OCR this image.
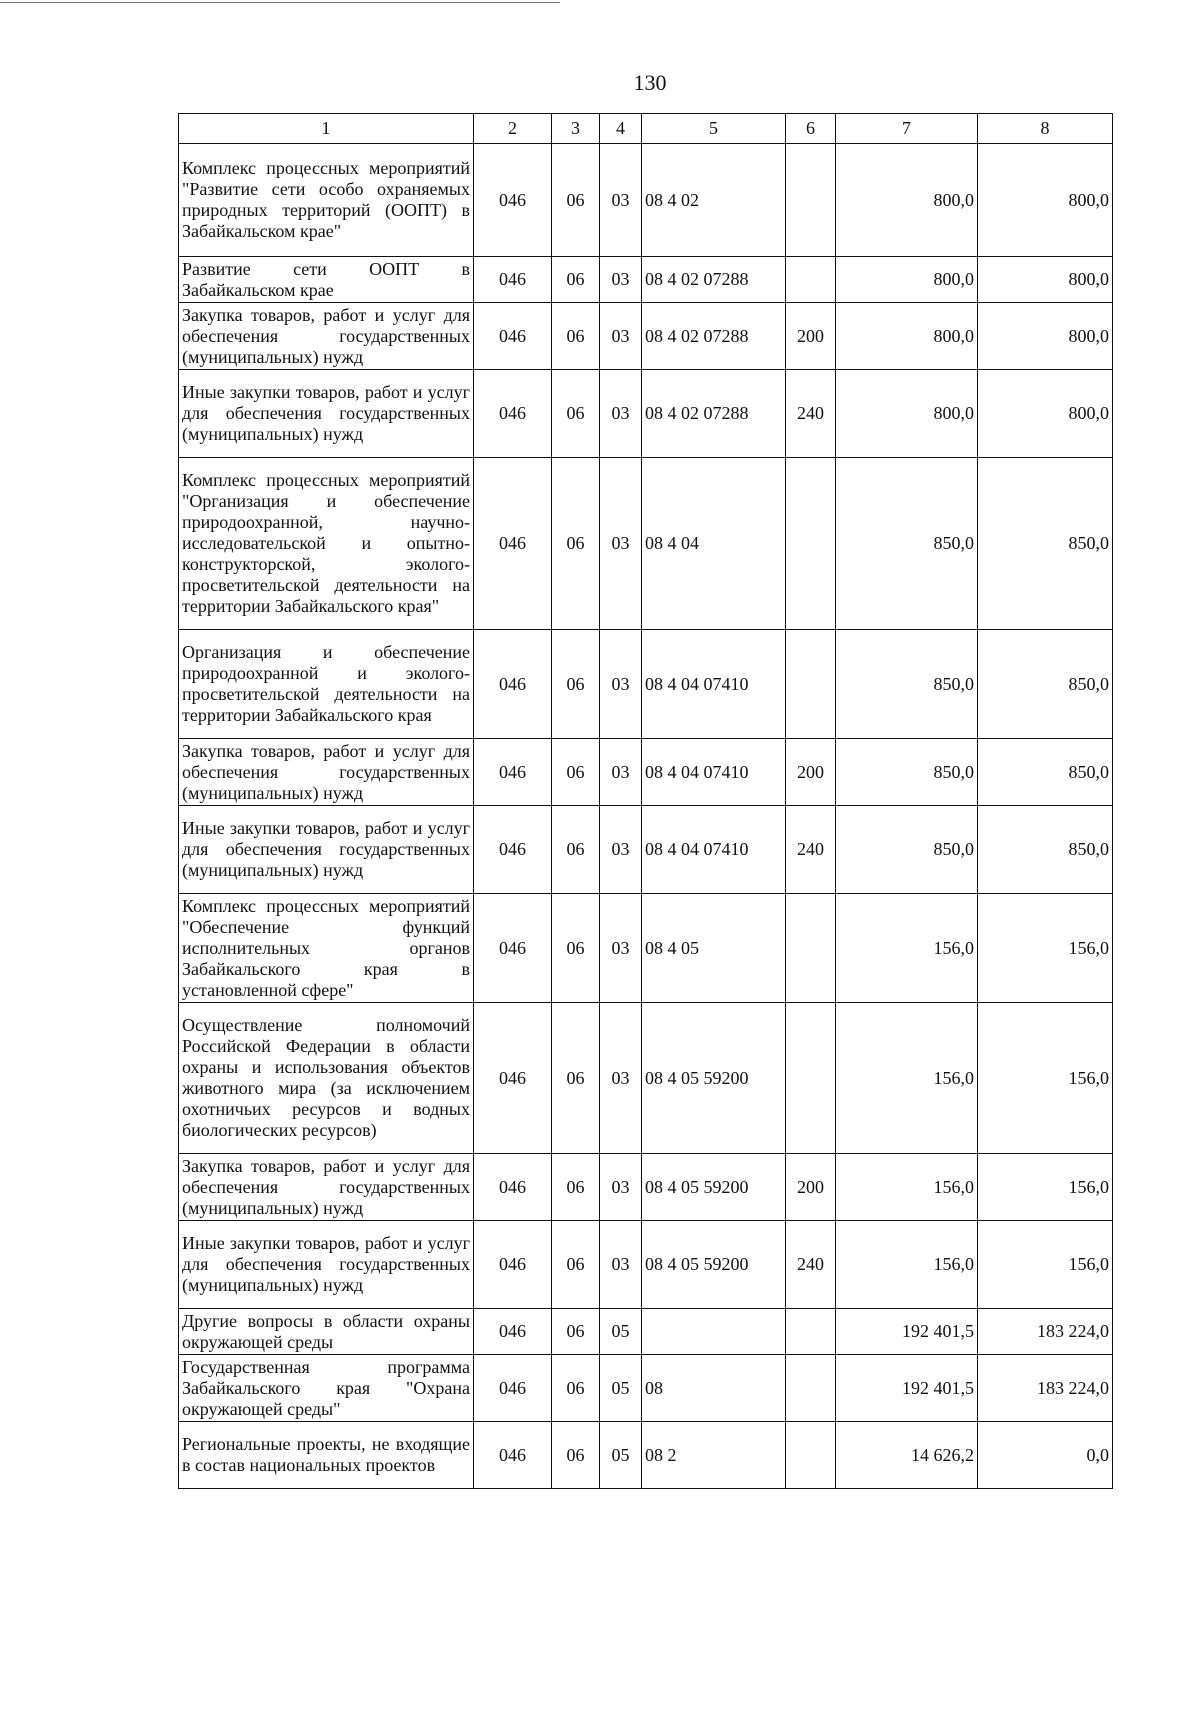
130
1	2	3	4	5	6	7	8
Комплекс процессных мероприятий "Развитие сети особо охраняемых природных территорий (ООПТ) в Забайкальском крае"	046	06	03	08 4 02		800,0	800,0
Развитие сети ООПТ в Забайкальском крае	046	06	03	08 4 02 07288		800,0	800,0
Закупка товаров, работ и услуг для обеспечения государственных (муниципальных) нужд	046	06	03	08 4 02 07288	200	800,0	800,0
Иные закупки товаров, работ и услуг для обеспечения государственных (муниципальных) нужд	046	06	03	08 4 02 07288	240	800,0	800,0
Комплекс процессных мероприятий "Организация и обеспечение природоохранной, научно-исследовательской и опытно-конструкторской, эколого-просветительской деятельности на территории Забайкальского края"	046	06	03	08 4 04		850,0	850,0
Организация и обеспечение природоохранной и эколого-просветительской деятельности на территории Забайкальского края	046	06	03	08 4 04 07410		850,0	850,0
Закупка товаров, работ и услуг для обеспечения государственных (муниципальных) нужд	046	06	03	08 4 04 07410	200	850,0	850,0
Иные закупки товаров, работ и услуг для обеспечения государственных (муниципальных) нужд	046	06	03	08 4 04 07410	240	850,0	850,0
Комплекс процессных мероприятий "Обеспечение функций исполнительных органов Забайкальского края в установленной сфере"	046	06	03	08 4 05		156,0	156,0
Осуществление полномочий Российской Федерации в области охраны и использования объектов животного мира (за исключением охотничьих ресурсов и водных биологических ресурсов)	046	06	03	08 4 05 59200		156,0	156,0
Закупка товаров, работ и услуг для обеспечения государственных (муниципальных) нужд	046	06	03	08 4 05 59200	200	156,0	156,0
Иные закупки товаров, работ и услуг для обеспечения государственных (муниципальных) нужд	046	06	03	08 4 05 59200	240	156,0	156,0
Другие вопросы в области охраны окружающей среды	046	06	05			192 401,5	183 224,0
Государственная программа Забайкальского края "Охрана окружающей среды"	046	06	05	08		192 401,5	183 224,0
Региональные проекты, не входящие в состав национальных проектов	046	06	05	08 2		14 626,2	0,0
